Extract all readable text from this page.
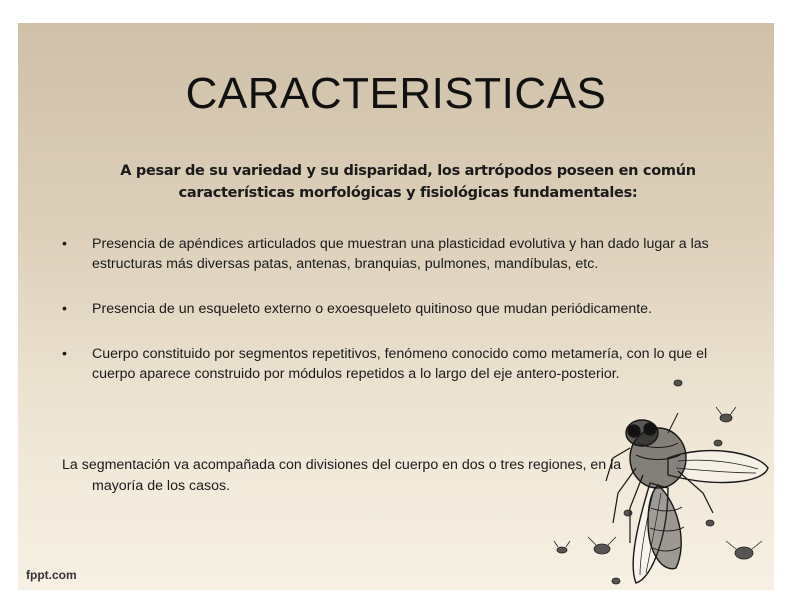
CARACTERISTICAS
A pesar de su variedad y su disparidad, los artrópodos poseen en común
características morfológicas y fisiológicas fundamentales:
• Presencia de apéndices articulados que muestran una plasticidad evolutiva y han dado lugar a las estructuras más diversas patas, antenas, branquias, pulmones, mandíbulas, etc.
• Presencia de un esqueleto externo o exoesqueleto quitinoso que mudan periódicamente.
• Cuerpo constituido por segmentos repetitivos, fenómeno conocido como metamería, con lo que el cuerpo aparece construido por módulos repetidos a lo largo del eje antero-posterior.
La segmentación va acompañada con divisiones del cuerpo en dos o tres regiones, en la
mayoría de los casos.
fppt.com
